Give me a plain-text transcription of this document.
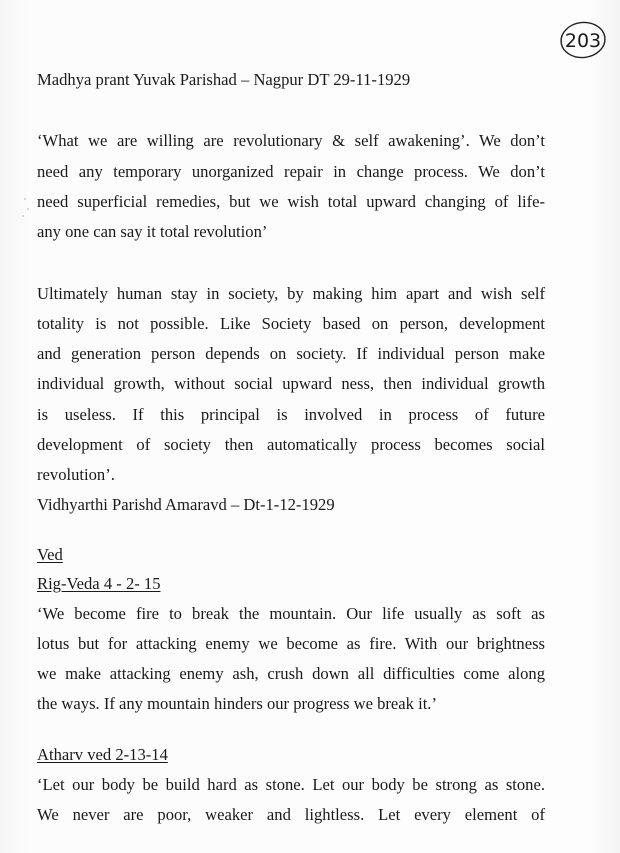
203
Madhya prant Yuvak Parishad – Nagpur DT 29-11-1929
‘What we are willing are revolutionary & self awakening’. We don’t
need any temporary unorganized repair in change process. We don’t
need superficial remedies, but we wish total upward changing of life-
any one can say it total revolution’
Ultimately human stay in society, by making him apart and wish self
totality is not possible. Like Society based on person, development
and generation person depends on society. If individual person make
individual growth, without social upward ness, then individual growth
is useless. If this principal is involved in process of future
development of society then automatically process becomes social
revolution’.
Vidhyarthi Parishd Amaravd – Dt-1-12-1929
Ved
Rig-Veda 4 - 2- 15
‘We become fire to break the mountain. Our life usually as soft as
lotus but for attacking enemy we become as fire. With our brightness
we make attacking enemy ash, crush down all difficulties come along
the ways. If any mountain hinders our progress we break it.’
Atharv ved 2-13-14
‘Let our body be build hard as stone. Let our body be strong as stone.
We never are poor, weaker and lightless. Let every element of
